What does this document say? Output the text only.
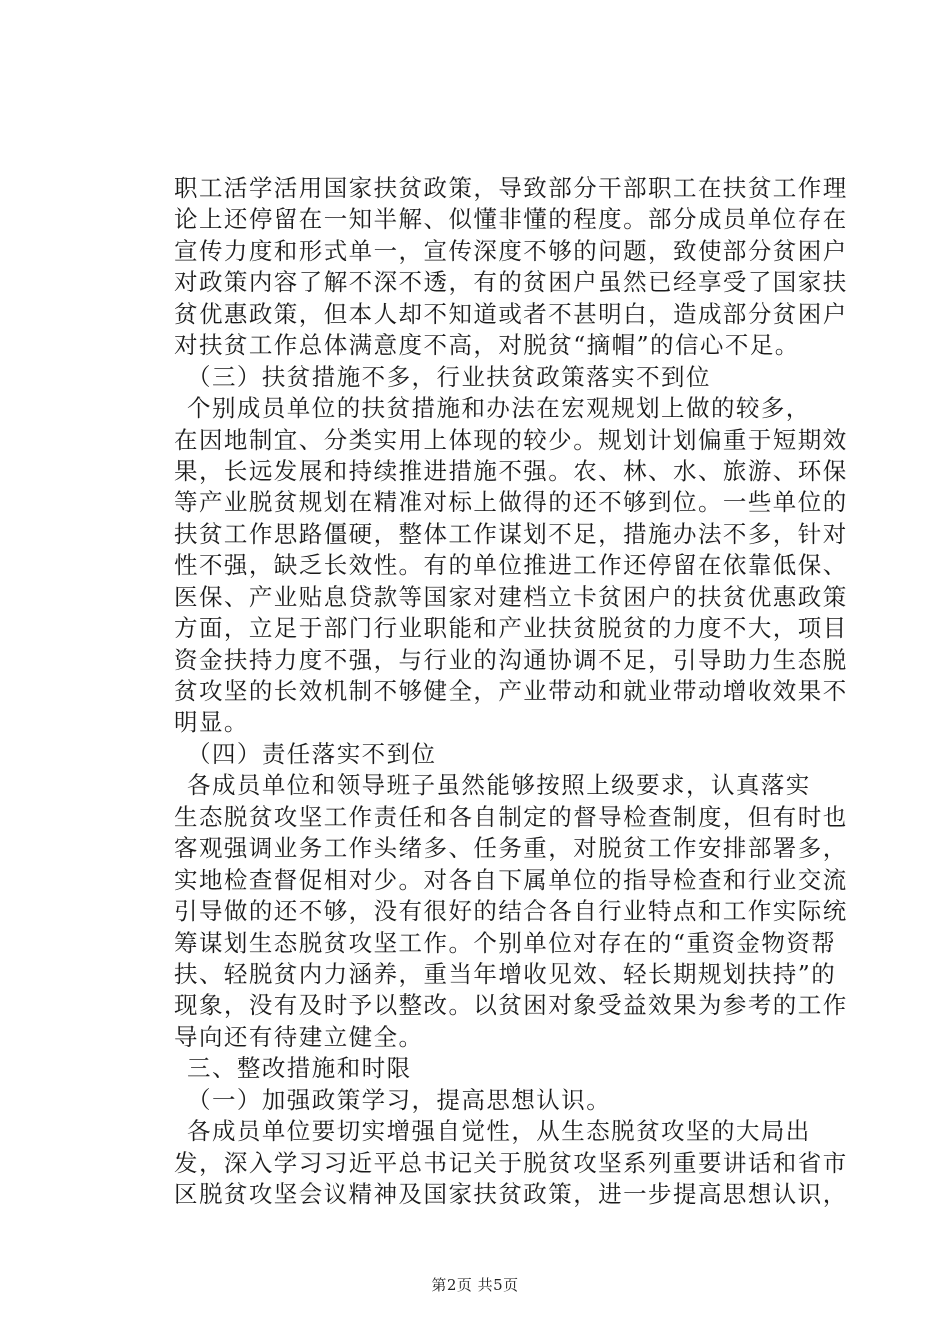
职工活学活用国家扶贫政策，导致部分干部职工在扶贫工作理
论上还停留在一知半解、似懂非懂的程度。部分成员单位存在
宣传力度和形式单一，宣传深度不够的问题，致使部分贫困户
对政策内容了解不深不透，有的贫困户虽然已经享受了国家扶
贫优惠政策，但本人却不知道或者不甚明白，造成部分贫困户
对扶贫工作总体满意度不高，对脱贫“摘帽”的信心不足。
（三）扶贫措施不多，行业扶贫政策落实不到位
个别成员单位的扶贫措施和办法在宏观规划上做的较多，
在因地制宜、分类实用上体现的较少。规划计划偏重于短期效
果，长远发展和持续推进措施不强。农、林、水、旅游、环保
等产业脱贫规划在精准对标上做得的还不够到位。一些单位的
扶贫工作思路僵硬，整体工作谋划不足，措施办法不多，针对
性不强，缺乏长效性。有的单位推进工作还停留在依靠低保、
医保、产业贴息贷款等国家对建档立卡贫困户的扶贫优惠政策
方面，立足于部门行业职能和产业扶贫脱贫的力度不大，项目
资金扶持力度不强，与行业的沟通协调不足，引导助力生态脱
贫攻坚的长效机制不够健全，产业带动和就业带动增收效果不
明显。
（四）责任落实不到位
各成员单位和领导班子虽然能够按照上级要求，认真落实
生态脱贫攻坚工作责任和各自制定的督导检查制度，但有时也
客观强调业务工作头绪多、任务重，对脱贫工作安排部署多，
实地检查督促相对少。对各自下属单位的指导检查和行业交流
引导做的还不够，没有很好的结合各自行业特点和工作实际统
筹谋划生态脱贫攻坚工作。个别单位对存在的“重资金物资帮
扶、轻脱贫内力涵养，重当年增收见效、轻长期规划扶持”的
现象，没有及时予以整改。以贫困对象受益效果为参考的工作
导向还有待建立健全。
三、整改措施和时限
（一）加强政策学习，提高思想认识。
各成员单位要切实增强自觉性，从生态脱贫攻坚的大局出
发，深入学习习近平总书记关于脱贫攻坚系列重要讲话和省市
区脱贫攻坚会议精神及国家扶贫政策，进一步提高思想认识，
第2页 共5页
